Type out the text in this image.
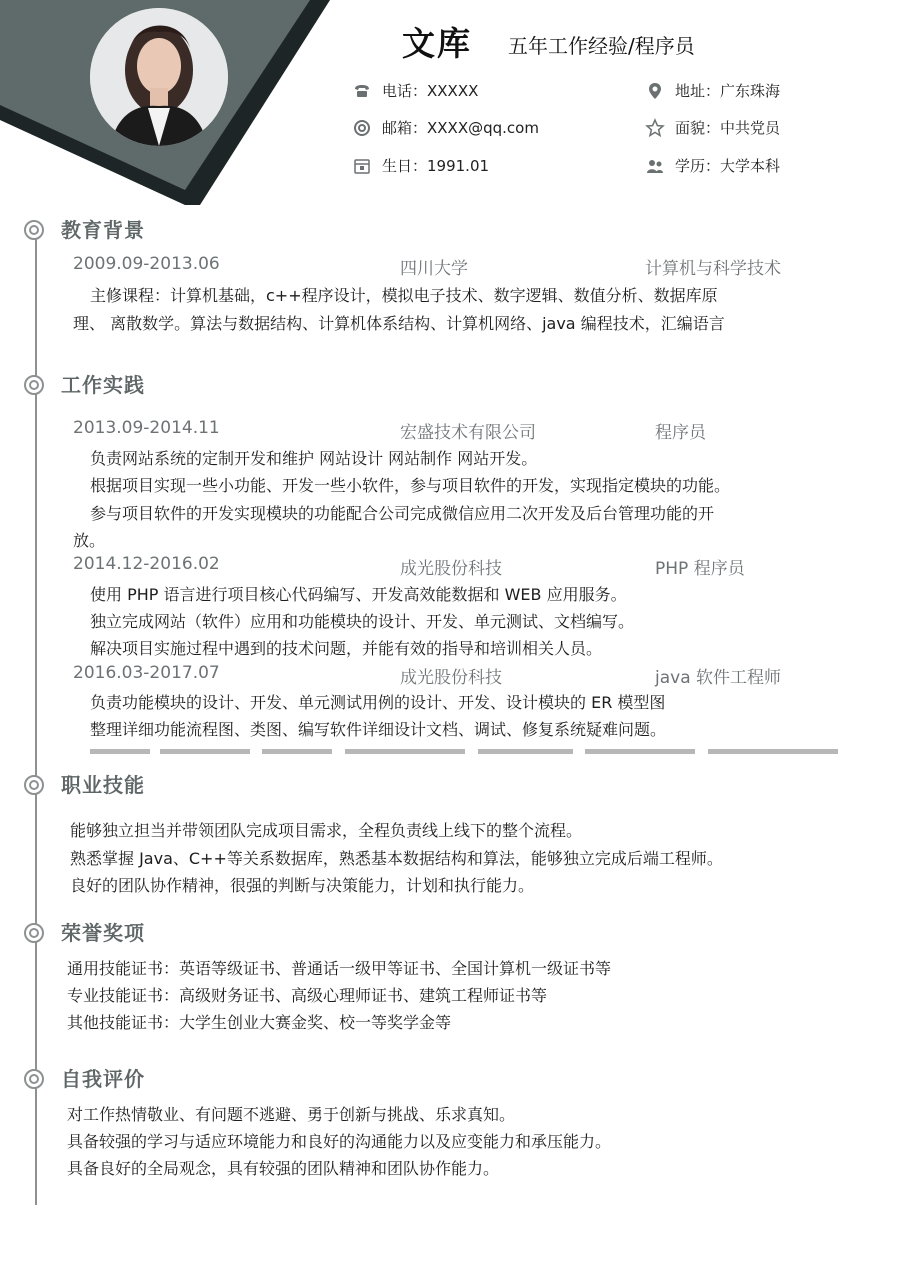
文库 五年工作经验/程序员
电话：XXXXX
邮箱：XXXX@qq.com
生日：1991.01
地址：广东珠海
面貌：中共党员
学历：大学本科
教育背景
2009.09-2013.06	四川大学	计算机与科学技术
主修课程：计算机基础，c++程序设计，模拟电子技术、数字逻辑、数值分析、数据库原
理、 离散数学。算法与数据结构、计算机体系结构、计算机网络、java 编程技术，汇编语言
工作实践
2013.09-2014.11	宏盛技术有限公司	程序员
负责网站系统的定制开发和维护 网站设计 网站制作 网站开发。
根据项目实现一些小功能、开发一些小软件，参与项目软件的开发，实现指定模块的功能。
参与项目软件的开发实现模块的功能配合公司完成微信应用二次开发及后台管理功能的开
放。
2014.12-2016.02	成光股份科技	PHP 程序员
使用 PHP 语言进行项目核心代码编写、开发高效能数据和 WEB 应用服务。
独立完成网站（软件）应用和功能模块的设计、开发、单元测试、文档编写。
解决项目实施过程中遇到的技术问题，并能有效的指导和培训相关人员。
2016.03-2017.07	成光股份科技	java 软件工程师
负责功能模块的设计、开发、单元测试用例的设计、开发、设计模块的 ER 模型图
整理详细功能流程图、类图、编写软件详细设计文档、调试、修复系统疑难问题。
职业技能
能够独立担当并带领团队完成项目需求，全程负责线上线下的整个流程。
熟悉掌握 Java、C++等关系数据库，熟悉基本数据结构和算法，能够独立完成后端工程师。
良好的团队协作精神，很强的判断与决策能力，计划和执行能力。
荣誉奖项
通用技能证书：英语等级证书、普通话一级甲等证书、全国计算机一级证书等
专业技能证书：高级财务证书、高级心理师证书、建筑工程师证书等
其他技能证书：大学生创业大赛金奖、校一等奖学金等
自我评价
对工作热情敬业、有问题不逃避、勇于创新与挑战、乐求真知。
具备较强的学习与适应环境能力和良好的沟通能力以及应变能力和承压能力。
具备良好的全局观念，具有较强的团队精神和团队协作能力。
